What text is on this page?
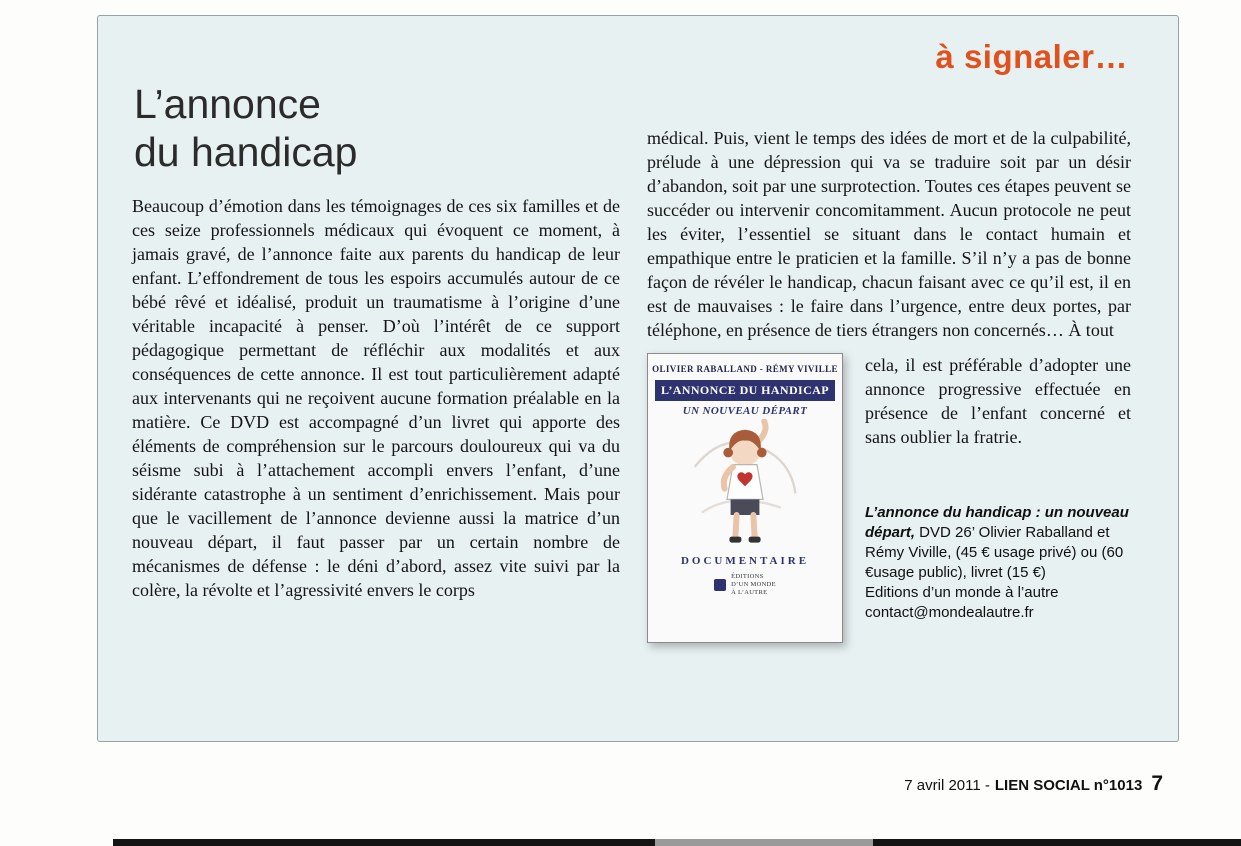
à signaler…
L’annonce
du handicap
Beaucoup d’émotion dans les témoignages de ces six familles et de ces seize professionnels médicaux qui évoquent ce moment, à jamais gravé, de l’annonce faite aux parents du handicap de leur enfant. L’effondrement de tous les espoirs accumulés autour de ce bébé rêvé et idéalisé, produit un traumatisme à l’origine d’une véritable incapacité à penser. D’où l’intérêt de ce support pédagogique permettant de réfléchir aux modalités et aux conséquences de cette annonce. Il est tout particulièrement adapté aux intervenants qui ne reçoivent aucune formation préalable en la matière. Ce DVD est accompagné d’un livret qui apporte des éléments de compréhension sur le parcours douloureux qui va du séisme subi à l’attachement accompli envers l’enfant, d’une sidérante catastrophe à un sentiment d’enrichissement. Mais pour que le vacillement de l’annonce devienne aussi la matrice d’un nouveau départ, il faut passer par un certain nombre de mécanismes de défense : le déni d’abord, assez vite suivi par la colère, la révolte et l’agressivité envers le corps

médical. Puis, vient le temps des idées de mort et de la culpabilité, prélude à une dépression qui va se traduire soit par un désir d’abandon, soit par une surprotection. Toutes ces étapes peuvent se succéder ou intervenir concomitamment. Aucun protocole ne peut les éviter, l’essentiel se situant dans le contact humain et empathique entre le praticien et la famille. S’il n’y a pas de bonne façon de révéler le handicap, chacun faisant avec ce qu’il est, il en est de mauvaises : le faire dans l’urgence, entre deux portes, par téléphone, en présence de tiers étrangers non concernés… À tout

OLIVIER RABALLAND - RÉMY VIVILLE
L’ANNONCE DU HANDICAP
UN NOUVEAU DÉPART
DOCUMENTAIRE
ÉDITIONS
D’UN MONDE
À L’AUTRE

cela, il est préférable d’adopter une annonce progressive effectuée en présence de l’enfant concerné et sans oublier la fratrie.

L’annonce du handicap : un nouveau départ, DVD 26’ Olivier Raballand et Rémy Viville, (45 € usage privé) ou (60 €usage public), livret (15 €)
Editions d’un monde à l’autre
contact@mondealautre.fr
7 avril 2011 - LIEN SOCIAL n°1013 7
